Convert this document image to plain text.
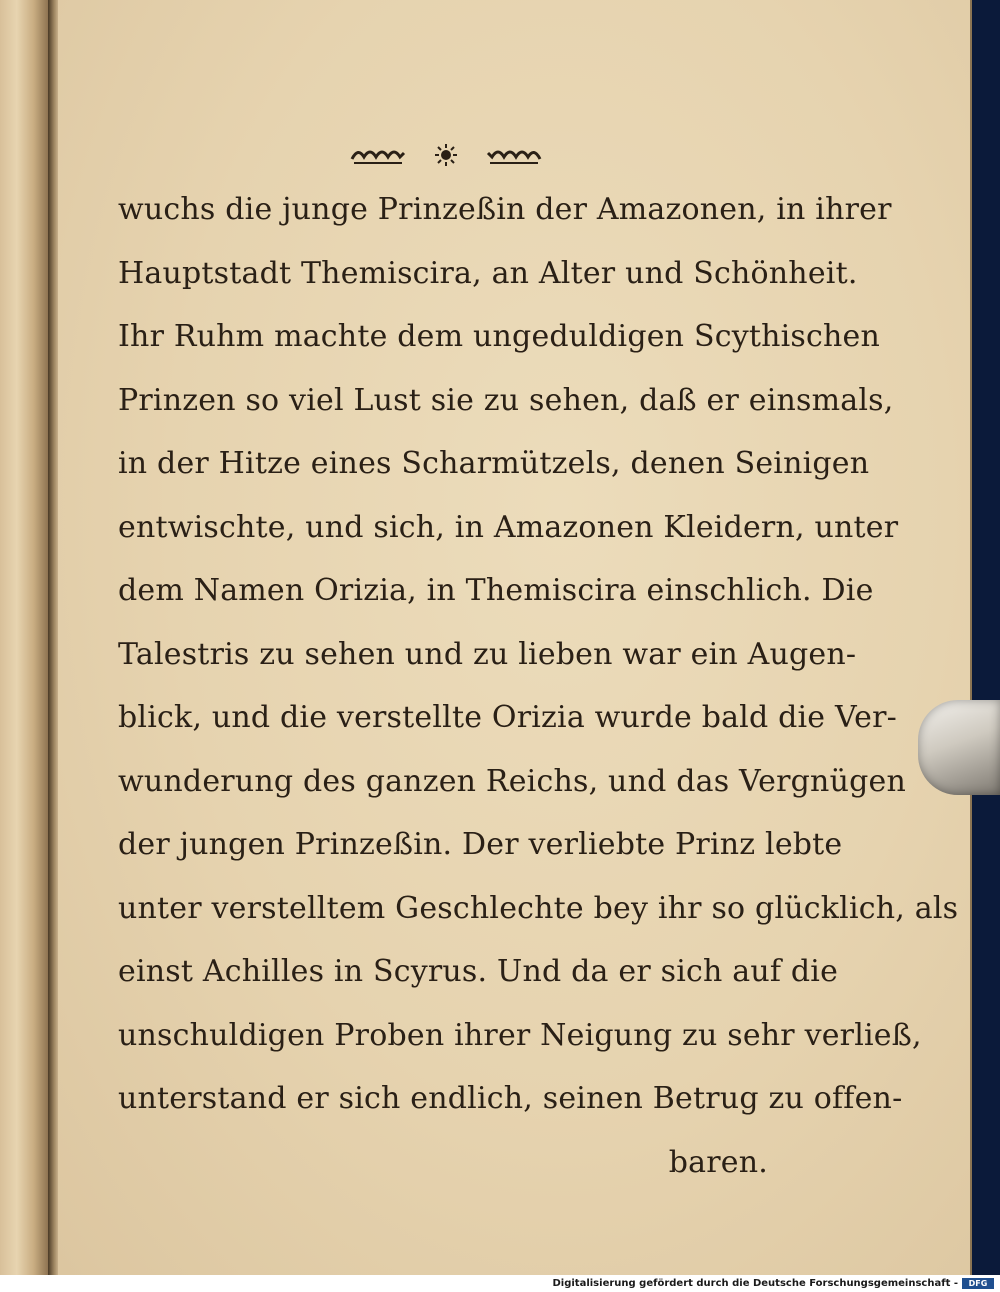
wuchs die junge Prinzeßin der Amazonen, in ihrer
Hauptstadt Themiscira, an Alter und Schönheit.
Ihr Ruhm machte dem ungeduldigen Scythischen
Prinzen so viel Lust sie zu sehen, daß er einsmals,
in der Hitze eines Scharmützels, denen Seinigen
entwischte, und sich, in Amazonen Kleidern, unter
dem Namen Orizia, in Themiscira einschlich. Die
Talestris zu sehen und zu lieben war ein Augen-
blick, und die verstellte Orizia wurde bald die Ver-
wunderung des ganzen Reichs, und das Vergnügen
der jungen Prinzeßin. Der verliebte Prinz lebte
unter verstelltem Geschlechte bey ihr so glücklich, als
einst Achilles in Scyrus. Und da er sich auf die
unschuldigen Proben ihrer Neigung zu sehr verließ,
unterstand er sich endlich, seinen Betrug zu offen-
baren.
Digitalisierung gefördert durch die Deutsche Forschungsgemeinschaft -	DFG
